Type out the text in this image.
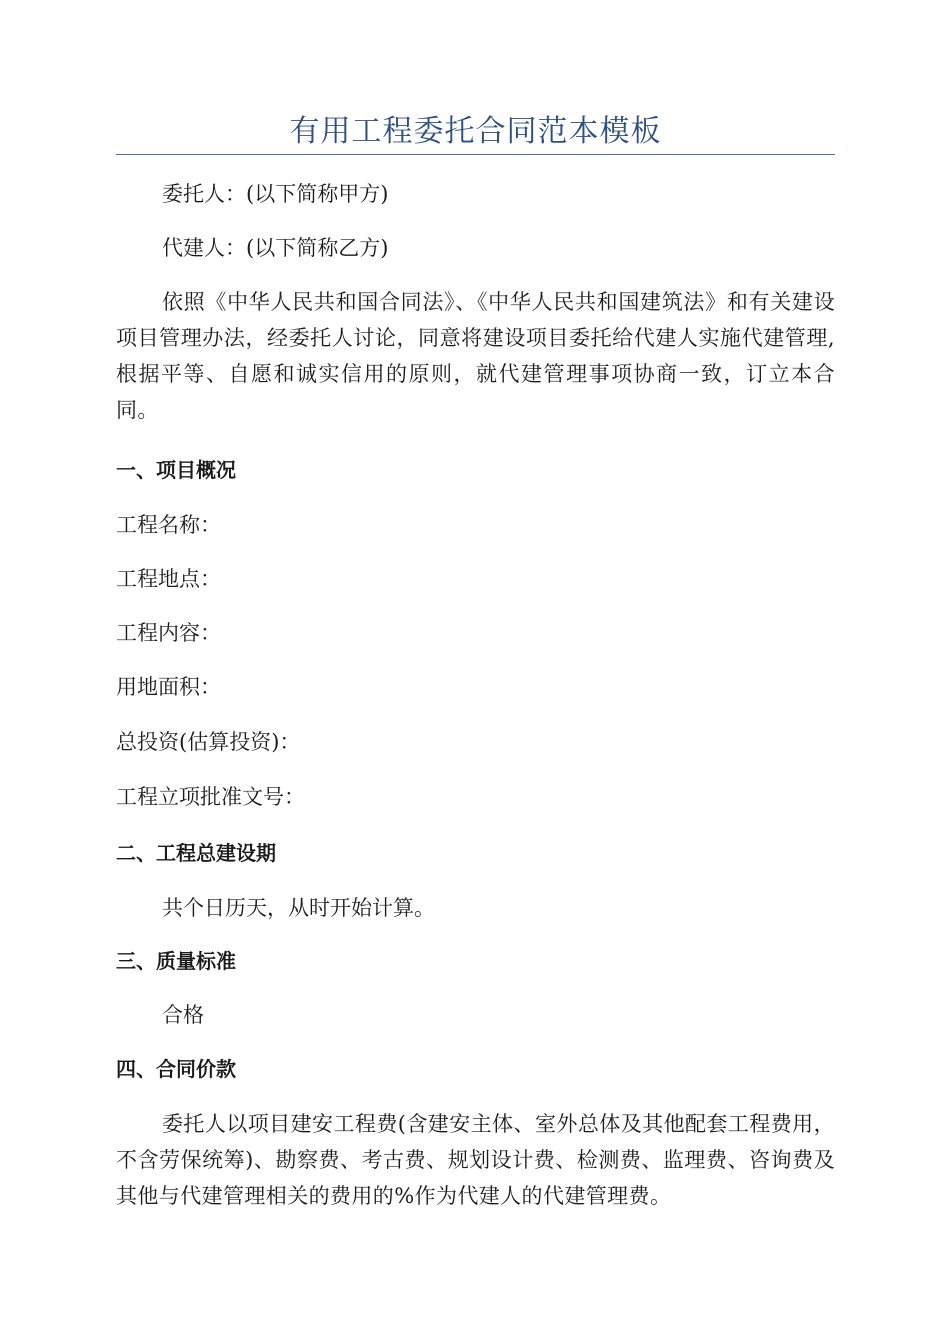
有用工程委托合同范本模板

委托人：(以下简称甲方)

代建人：(以下简称乙方)

依照《中华人民共和国合同法》、《中华人民共和国建筑法》和有关建设项目管理办法，经委托人讨论，同意将建设项目委托给代建人实施代建管理,根据平等、自愿和诚实信用的原则，就代建管理事项协商一致，订立本合同。

一、项目概况

工程名称：

工程地点：

工程内容：

用地面积：

总投资(估算投资)：

工程立项批准文号：

二、工程总建设期

共个日历天，从时开始计算。

三、质量标准

合格

四、合同价款

委托人以项目建安工程费(含建安主体、室外总体及其他配套工程费用，不含劳保统筹)、勘察费、考古费、规划设计费、检测费、监理费、咨询费及其他与代建管理相关的费用的%作为代建人的代建管理费。
